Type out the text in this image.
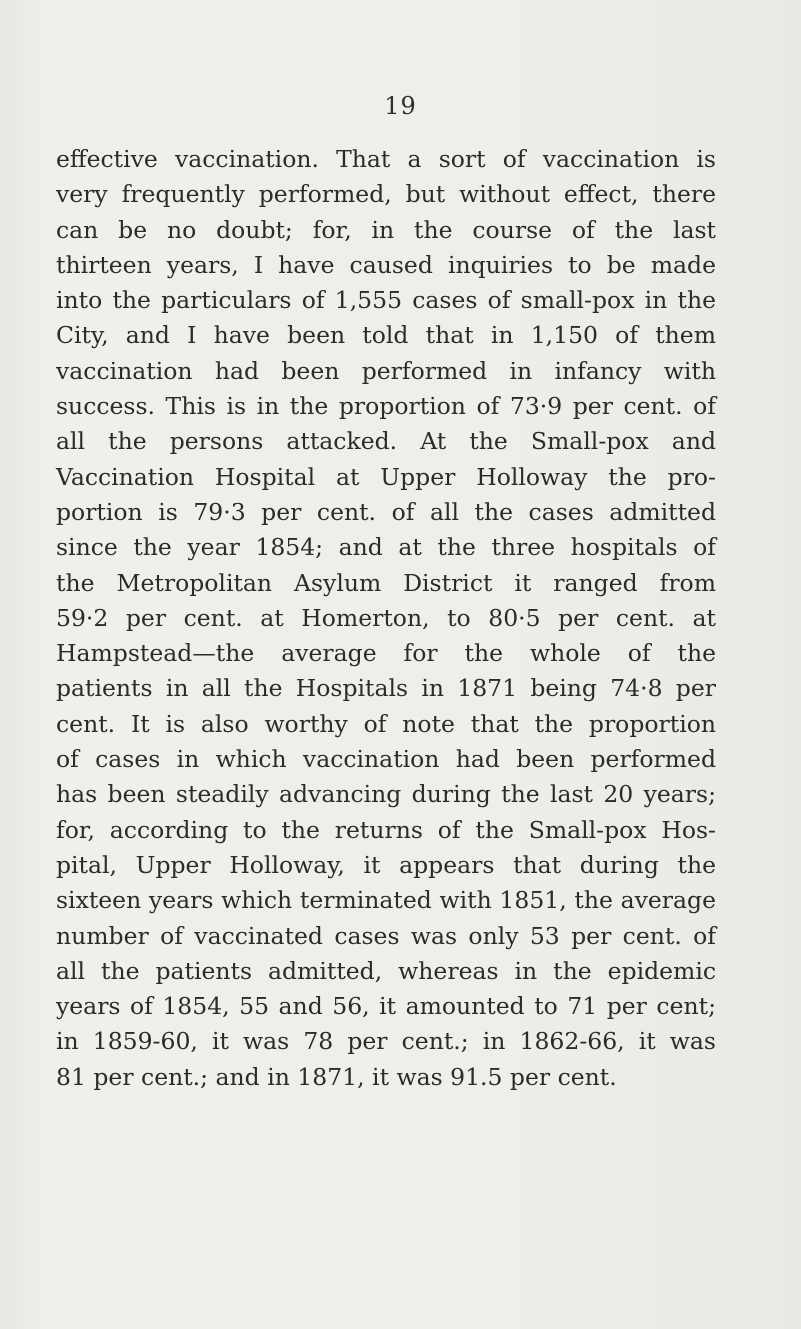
19
effective vaccination. That a sort of vaccination is
very frequently performed, but without effect, there
can be no doubt; for, in the course of the last
thirteen years, I have caused inquiries to be made
into the particulars of 1,555 cases of small-pox in the
City, and I have been told that in 1,150 of them
vaccination had been performed in infancy with
success. This is in the proportion of 73·9 per cent. of
all the persons attacked. At the Small-pox and
Vaccination Hospital at Upper Holloway the pro-
portion is 79·3 per cent. of all the cases admitted
since the year 1854; and at the three hospitals of
the Metropolitan Asylum District it ranged from
59·2 per cent. at Homerton, to 80·5 per cent. at
Hampstead—the average for the whole of the
patients in all the Hospitals in 1871 being 74·8 per
cent. It is also worthy of note that the proportion
of cases in which vaccination had been performed
has been steadily advancing during the last 20 years;
for, according to the returns of the Small-pox Hos-
pital, Upper Holloway, it appears that during the
sixteen years which terminated with 1851, the average
number of vaccinated cases was only 53 per cent. of
all the patients admitted, whereas in the epidemic
years of 1854, 55 and 56, it amounted to 71 per cent;
in 1859-60, it was 78 per cent.; in 1862-66, it was
81 per cent.; and in 1871, it was 91.5 per cent.
